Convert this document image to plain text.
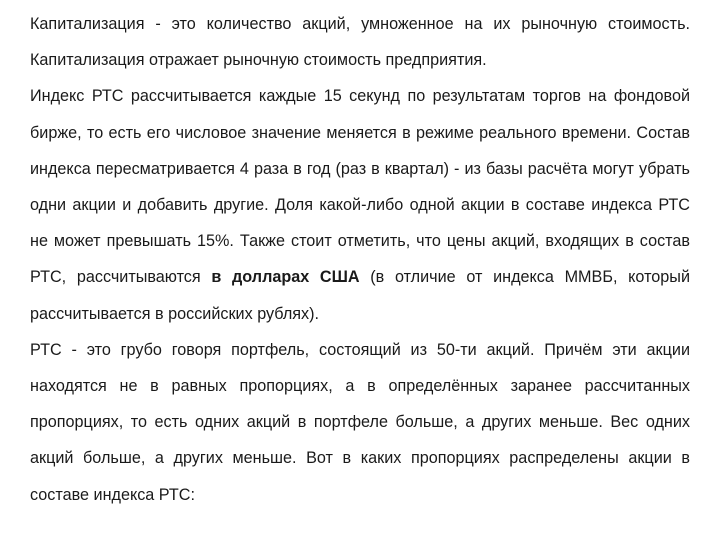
Капитализация - это количество акций, умноженное на их рыночную стоимость. Капитализация отражает рыночную стоимость предприятия.

Индекс РТС рассчитывается каждые 15 секунд по результатам торгов на фондовой бирже, то есть его числовое значение меняется в режиме реального времени. Состав индекса пересматривается 4 раза в год (раз в квартал) - из базы расчёта могут убрать одни акции и добавить другие. Доля какой-либо одной акции в составе индекса РТС не может превышать 15%. Также стоит отметить, что цены акций, входящих в состав РТС, рассчитываются в долларах США (в отличие от индекса ММВБ, который рассчитывается в российских рублях).

РТС - это грубо говоря портфель, состоящий из 50-ти акций. Причём эти акции находятся не в равных пропорциях, а в определённых заранее рассчитанных пропорциях, то есть одних акций в портфеле больше, а других меньше. Вес одних акций больше, а других меньше. Вот в каких пропорциях распределены акции в составе индекса РТС:
